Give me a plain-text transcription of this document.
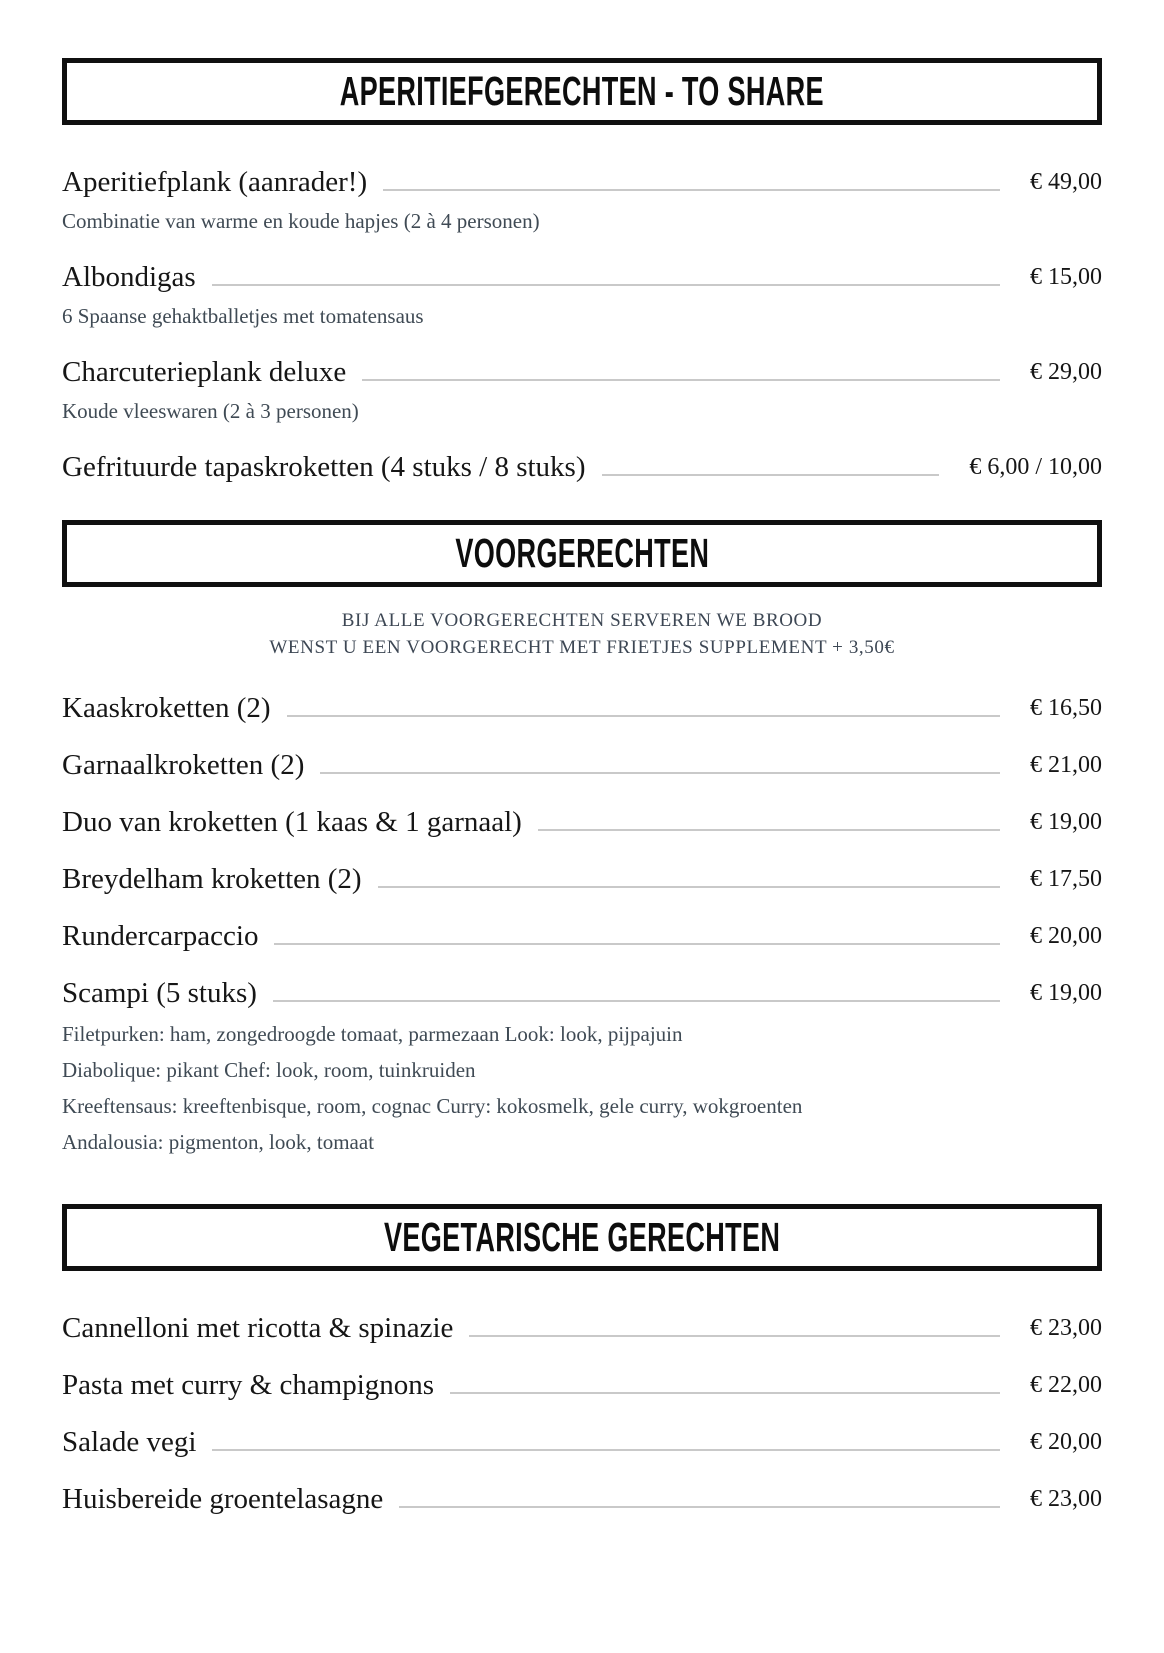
APERITIEFGERECHTEN - TO SHARE
Aperitiefplank (aanrader!)	€ 49,00
Combinatie van warme en koude hapjes (2 à 4 personen)
Albondigas	€ 15,00
6 Spaanse gehaktballetjes met tomatensaus
Charcuterieplank deluxe	€ 29,00
Koude vleeswaren (2 à 3 personen)
Gefrituurde tapaskroketten (4 stuks / 8 stuks)	€ 6,00 / 10,00
VOORGERECHTEN
BIJ ALLE VOORGERECHTEN SERVEREN WE BROOD
WENST U EEN VOORGERECHT MET FRIETJES SUPPLEMENT + 3,50€
Kaaskroketten (2)	€ 16,50
Garnaalkroketten (2)	€ 21,00
Duo van kroketten (1 kaas & 1 garnaal)	€ 19,00
Breydelham kroketten (2)	€ 17,50
Rundercarpaccio	€ 20,00
Scampi (5 stuks)	€ 19,00
Filetpurken: ham, zongedroogde tomaat, parmezaan Look: look, pijpajuin
Diabolique: pikant Chef: look, room, tuinkruiden
Kreeftensaus: kreeftenbisque, room, cognac Curry: kokosmelk, gele curry, wokgroenten
Andalousia: pigmenton, look, tomaat
VEGETARISCHE GERECHTEN
Cannelloni met ricotta & spinazie	€ 23,00
Pasta met curry & champignons	€ 22,00
Salade vegi	€ 20,00
Huisbereide groentelasagne	€ 23,00
